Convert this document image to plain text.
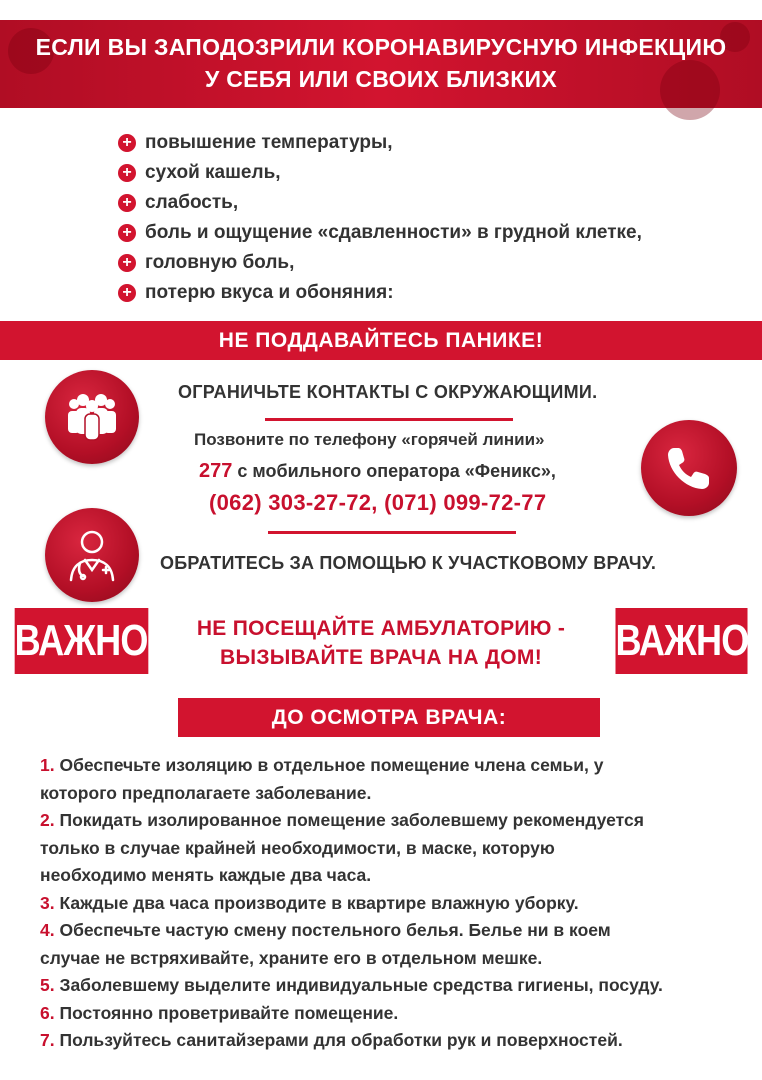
ЕСЛИ ВЫ ЗАПОДОЗРИЛИ КОРОНАВИРУСНУЮ ИНФЕКЦИЮ
У СЕБЯ ИЛИ СВОИХ БЛИЗКИХ
+ повышение температуры,
+ сухой кашель,
+ слабость,
+ боль и ощущение «сдавленности» в грудной клетке,
+ головную боль,
+ потерю вкуса и обоняния:
НЕ ПОДДАВАЙТЕСЬ ПАНИКЕ!
ОГРАНИЧЬТЕ КОНТАКТЫ С ОКРУЖАЮЩИМИ.
Позвоните по телефону «горячей линии»
277 с мобильного оператора «Феникс»,
(062) 303-27-72, (071) 099-72-77
ОБРАТИТЕСЬ ЗА ПОМОЩЬЮ К УЧАСТКОВОМУ ВРАЧУ.
ВАЖНО!	ВАЖНО!
НЕ ПОСЕЩАЙТЕ АМБУЛАТОРИЮ -
ВЫЗЫВАЙТЕ ВРАЧА НА ДОМ!
ДО ОСМОТРА ВРАЧА:
1. Обеспечьте изоляцию в отдельное помещение члена семьи, у
которого предполагаете заболевание.
2. Покидать изолированное помещение заболевшему рекомендуется
только в случае крайней необходимости, в маске, которую
необходимо менять каждые два часа.
3. Каждые два часа производите в квартире влажную уборку.
4. Обеспечьте частую смену постельного белья. Белье ни в коем
случае не встряхивайте, храните его в отдельном мешке.
5. Заболевшему выделите индивидуальные средства гигиены, посуду.
6. Постоянно проветривайте помещение.
7. Пользуйтесь санитайзерами для обработки рук и поверхностей.
